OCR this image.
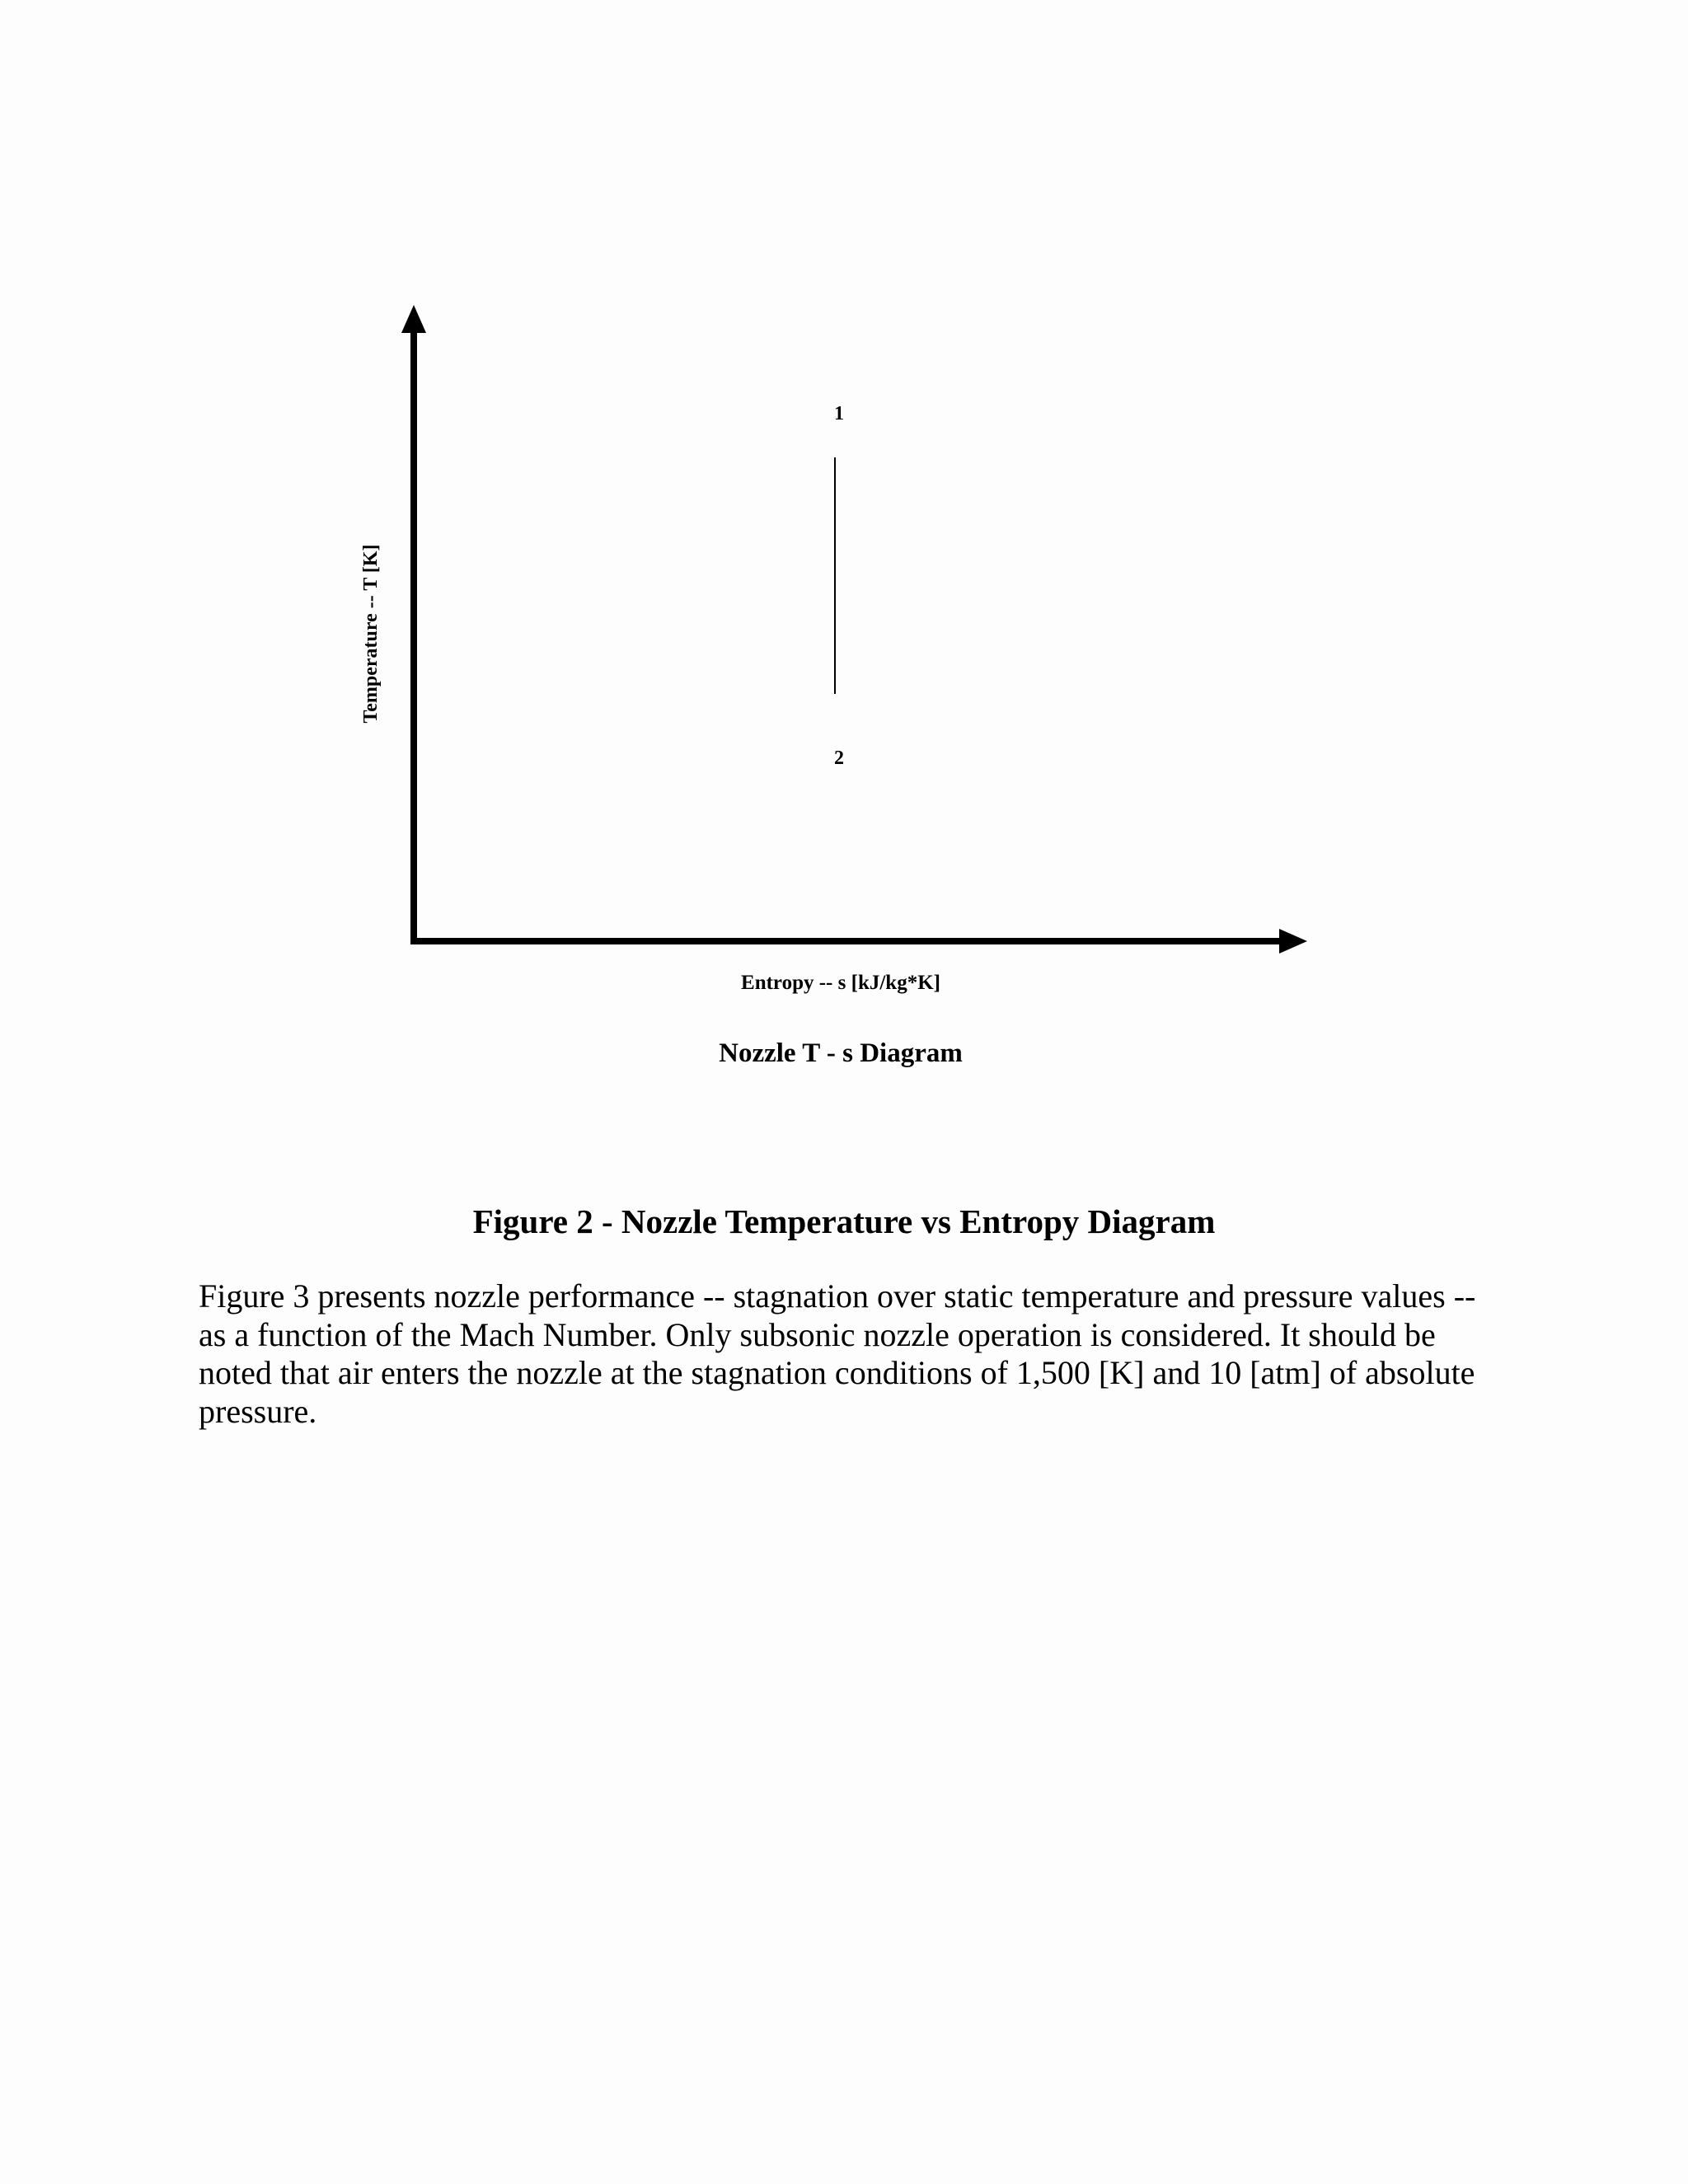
1
2
Temperature -- T [K]
Entropy -- s [kJ/kg*K]
Nozzle T - s Diagram
Figure 2 - Nozzle Temperature vs Entropy Diagram

Figure 3 presents nozzle performance -- stagnation over static temperature and pressure values -- as a function of the Mach Number. Only subsonic nozzle operation is considered. It should be noted that air enters the nozzle at the stagnation conditions of 1,500 [K] and 10 [atm] of absolute pressure.
